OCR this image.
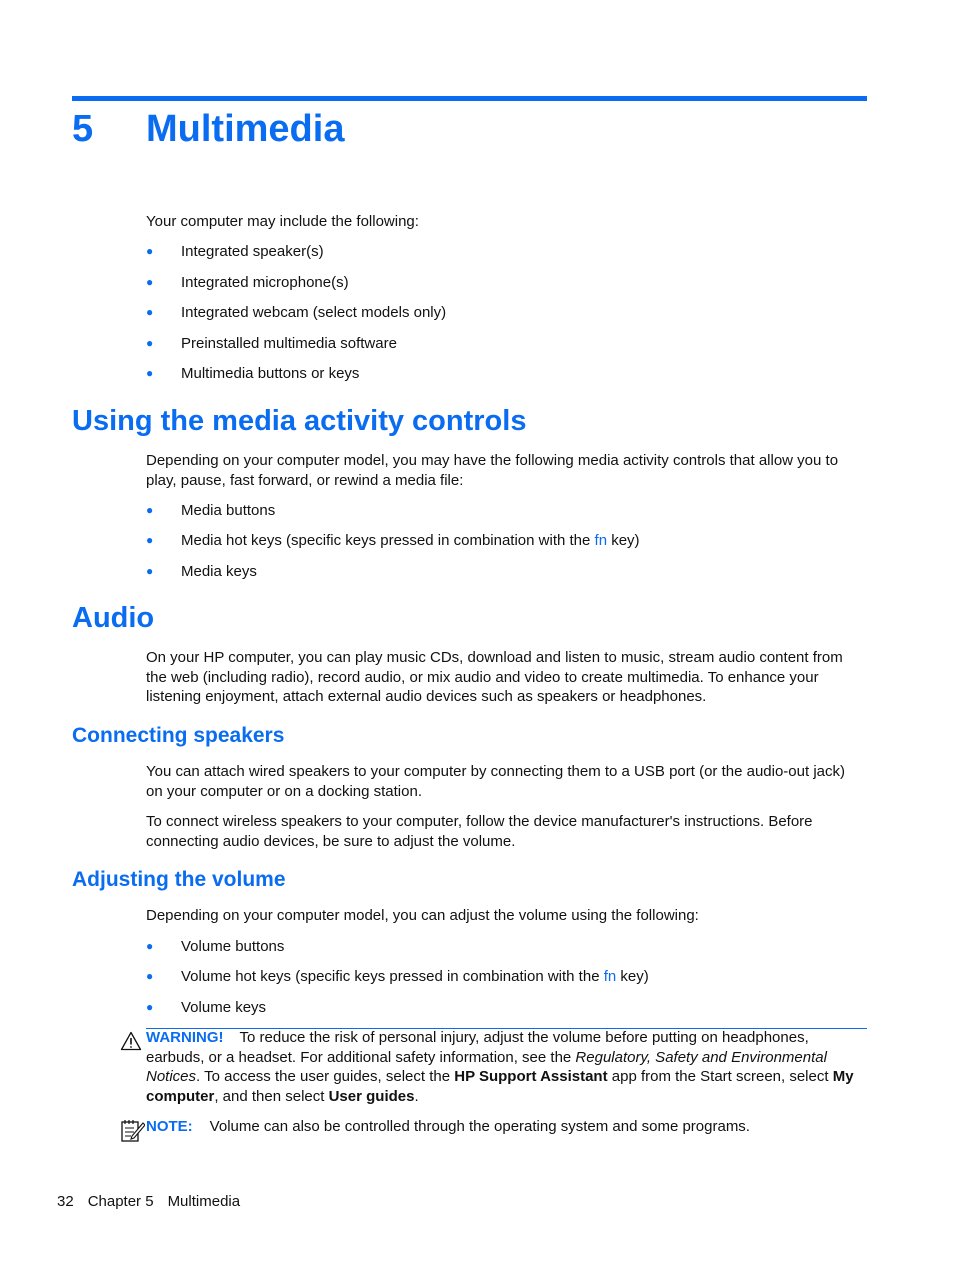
5 Multimedia
Your computer may include the following:
● Integrated speaker(s)
● Integrated microphone(s)
● Integrated webcam (select models only)
● Preinstalled multimedia software
● Multimedia buttons or keys
Using the media activity controls
Depending on your computer model, you may have the following media activity controls that allow you to play, pause, fast forward, or rewind a media file:
● Media buttons
● Media hot keys (specific keys pressed in combination with the fn key)
● Media keys
Audio
On your HP computer, you can play music CDs, download and listen to music, stream audio content from the web (including radio), record audio, or mix audio and video to create multimedia. To enhance your listening enjoyment, attach external audio devices such as speakers or headphones.
Connecting speakers
You can attach wired speakers to your computer by connecting them to a USB port (or the audio-out jack) on your computer or on a docking station.
To connect wireless speakers to your computer, follow the device manufacturer's instructions. Before connecting audio devices, be sure to adjust the volume.
Adjusting the volume
Depending on your computer model, you can adjust the volume using the following:
● Volume buttons
● Volume hot keys (specific keys pressed in combination with the fn key)
● Volume keys
WARNING! To reduce the risk of personal injury, adjust the volume before putting on headphones, earbuds, or a headset. For additional safety information, see the Regulatory, Safety and Environmental Notices. To access the user guides, select the HP Support Assistant app from the Start screen, select My computer, and then select User guides.
NOTE: Volume can also be controlled through the operating system and some programs.
32 Chapter 5 Multimedia
